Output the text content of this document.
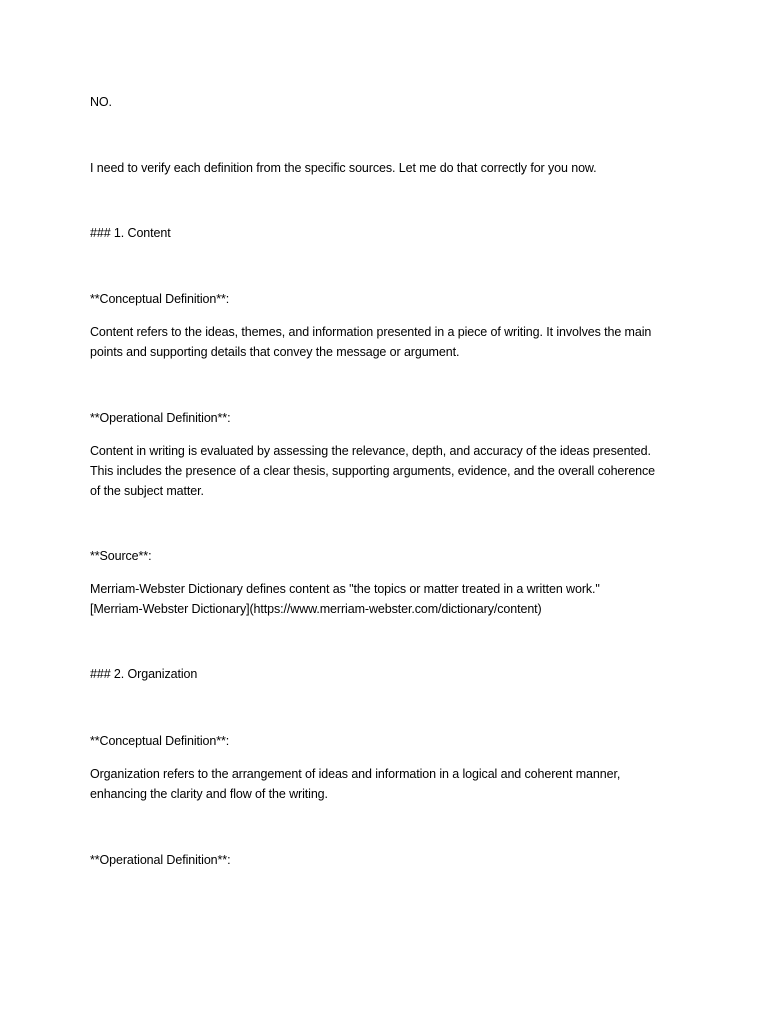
NO.
I need to verify each definition from the specific sources. Let me do that correctly for you now.
### 1. Content
**Conceptual Definition**:
Content refers to the ideas, themes, and information presented in a piece of writing. It involves the main
points and supporting details that convey the message or argument.
**Operational Definition**:
Content in writing is evaluated by assessing the relevance, depth, and accuracy of the ideas presented.
This includes the presence of a clear thesis, supporting arguments, evidence, and the overall coherence
of the subject matter.
**Source**:
Merriam-Webster Dictionary defines content as "the topics or matter treated in a written work."
[Merriam-Webster Dictionary](https://www.merriam-webster.com/dictionary/content)
### 2. Organization
**Conceptual Definition**:
Organization refers to the arrangement of ideas and information in a logical and coherent manner,
enhancing the clarity and flow of the writing.
**Operational Definition**:
